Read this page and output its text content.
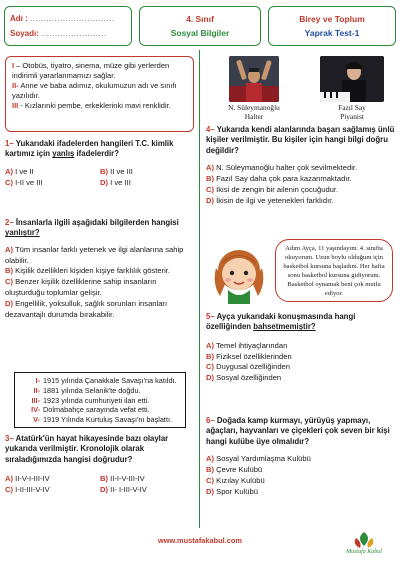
Adı : ...............................
Soyadı: ........................
4. Sınıf
Sosyal Bilgiler
Birey ve Toplum
Yaprak Test-1
I – Otobüs, tiyatro, sinema, müze gibi yerlerden indirimli yararlanmamızı sağlar.
II- Anne ve baba adımız, okulumuzun adı ve sınıfı yazılıdır.
III - Kızlarınki pembe, erkeklerinki mavi renklidir.
1– Yukarıdaki ifadelerden hangileri T.C. kimlik kartımız için yanlış ifadelerdir?
A) I ve II	B) II ve III
C) I-II ve III	D) I ve III
2– İnsanlarla ilgili aşağıdaki bilgilerden hangisi yanlıştır?
A) Tüm insanlar farklı yetenek ve ilgi alanlarına sahip olabilir.
B) Kişilik özellikleri kişiden kişiye farklılık gösterir.
C) Benzer kişilik özelliklerine sahip insanların oluşturduğu toplumlar gelişir.
D) Engellilik, yoksulluk, sağlık sorunları insanları dezavantajlı durumda bırakabilir.
I- 1915 yılında Çanakkale Savaşı'na katıldı.
II- 1881 yılında Selanik'te doğdu.
III- 1923 yılında cumhuriyeti ilan etti.
IV- Dolmabahçe sarayında vefat etti.
V- 1919 Yılında Kurtuluş Savaşı'nı başlattı.
3– Atatürk'ün hayat hikayesinde bazı olaylar yukarıda verilmiştir. Kronolojik olarak sıraladığımızda hangisi doğrudur?
A) II-V-I-III-IV	B) II-I-V-III-IV
C) I-II-III-V-IV	D) II- I-III-V-IV
N. Süleymanoğlu
Halter
Fazıl Say
Piyanist
4– Yukarıda kendi alanlarında başarı sağlamış ünlü kişiler verilmiştir. Bu kişiler için hangi bilgi doğru değildir?
A) N. Süleymanoğlu halter çok sevilmektedir.
B) Fazıl Say daha çok para kazanmaktadır.
C) İkisi de zengin bir ailenin çocuğudur.
D) İkisin de ilgi ve yetenekleri farklıdır.
Adım Ayça, 11 yaşındayım. 4. sınıfta okuyorum. Uzun boylu olduğum için basketbol kursuna başladım. Her hafta sonu basketbol kursuna gidiyorum. Basketbol oynamak beni çok mutlu ediyor.
5– Ayça yukarıdaki konuşmasında hangi özelliğinden bahsetmemiştir?
A) Temel ihtiyaçlarından
B) Fiziksel özelliklerinden
C) Duygusal özelliğinden
D) Sosyal özelliğinden
6– Doğada kamp kurmayı, yürüyüş yapmayı, ağaçları, hayvanları ve çiçekleri çok seven bir kişi hangi kulübe üye olmalıdır?
A) Sosyal Yardımlaşma Kulübü
B) Çevre Kulübü
C) Kızılay Kulübü
D) Spor Kulübü
www.mustafakabul.com
Mustafa Kabul
